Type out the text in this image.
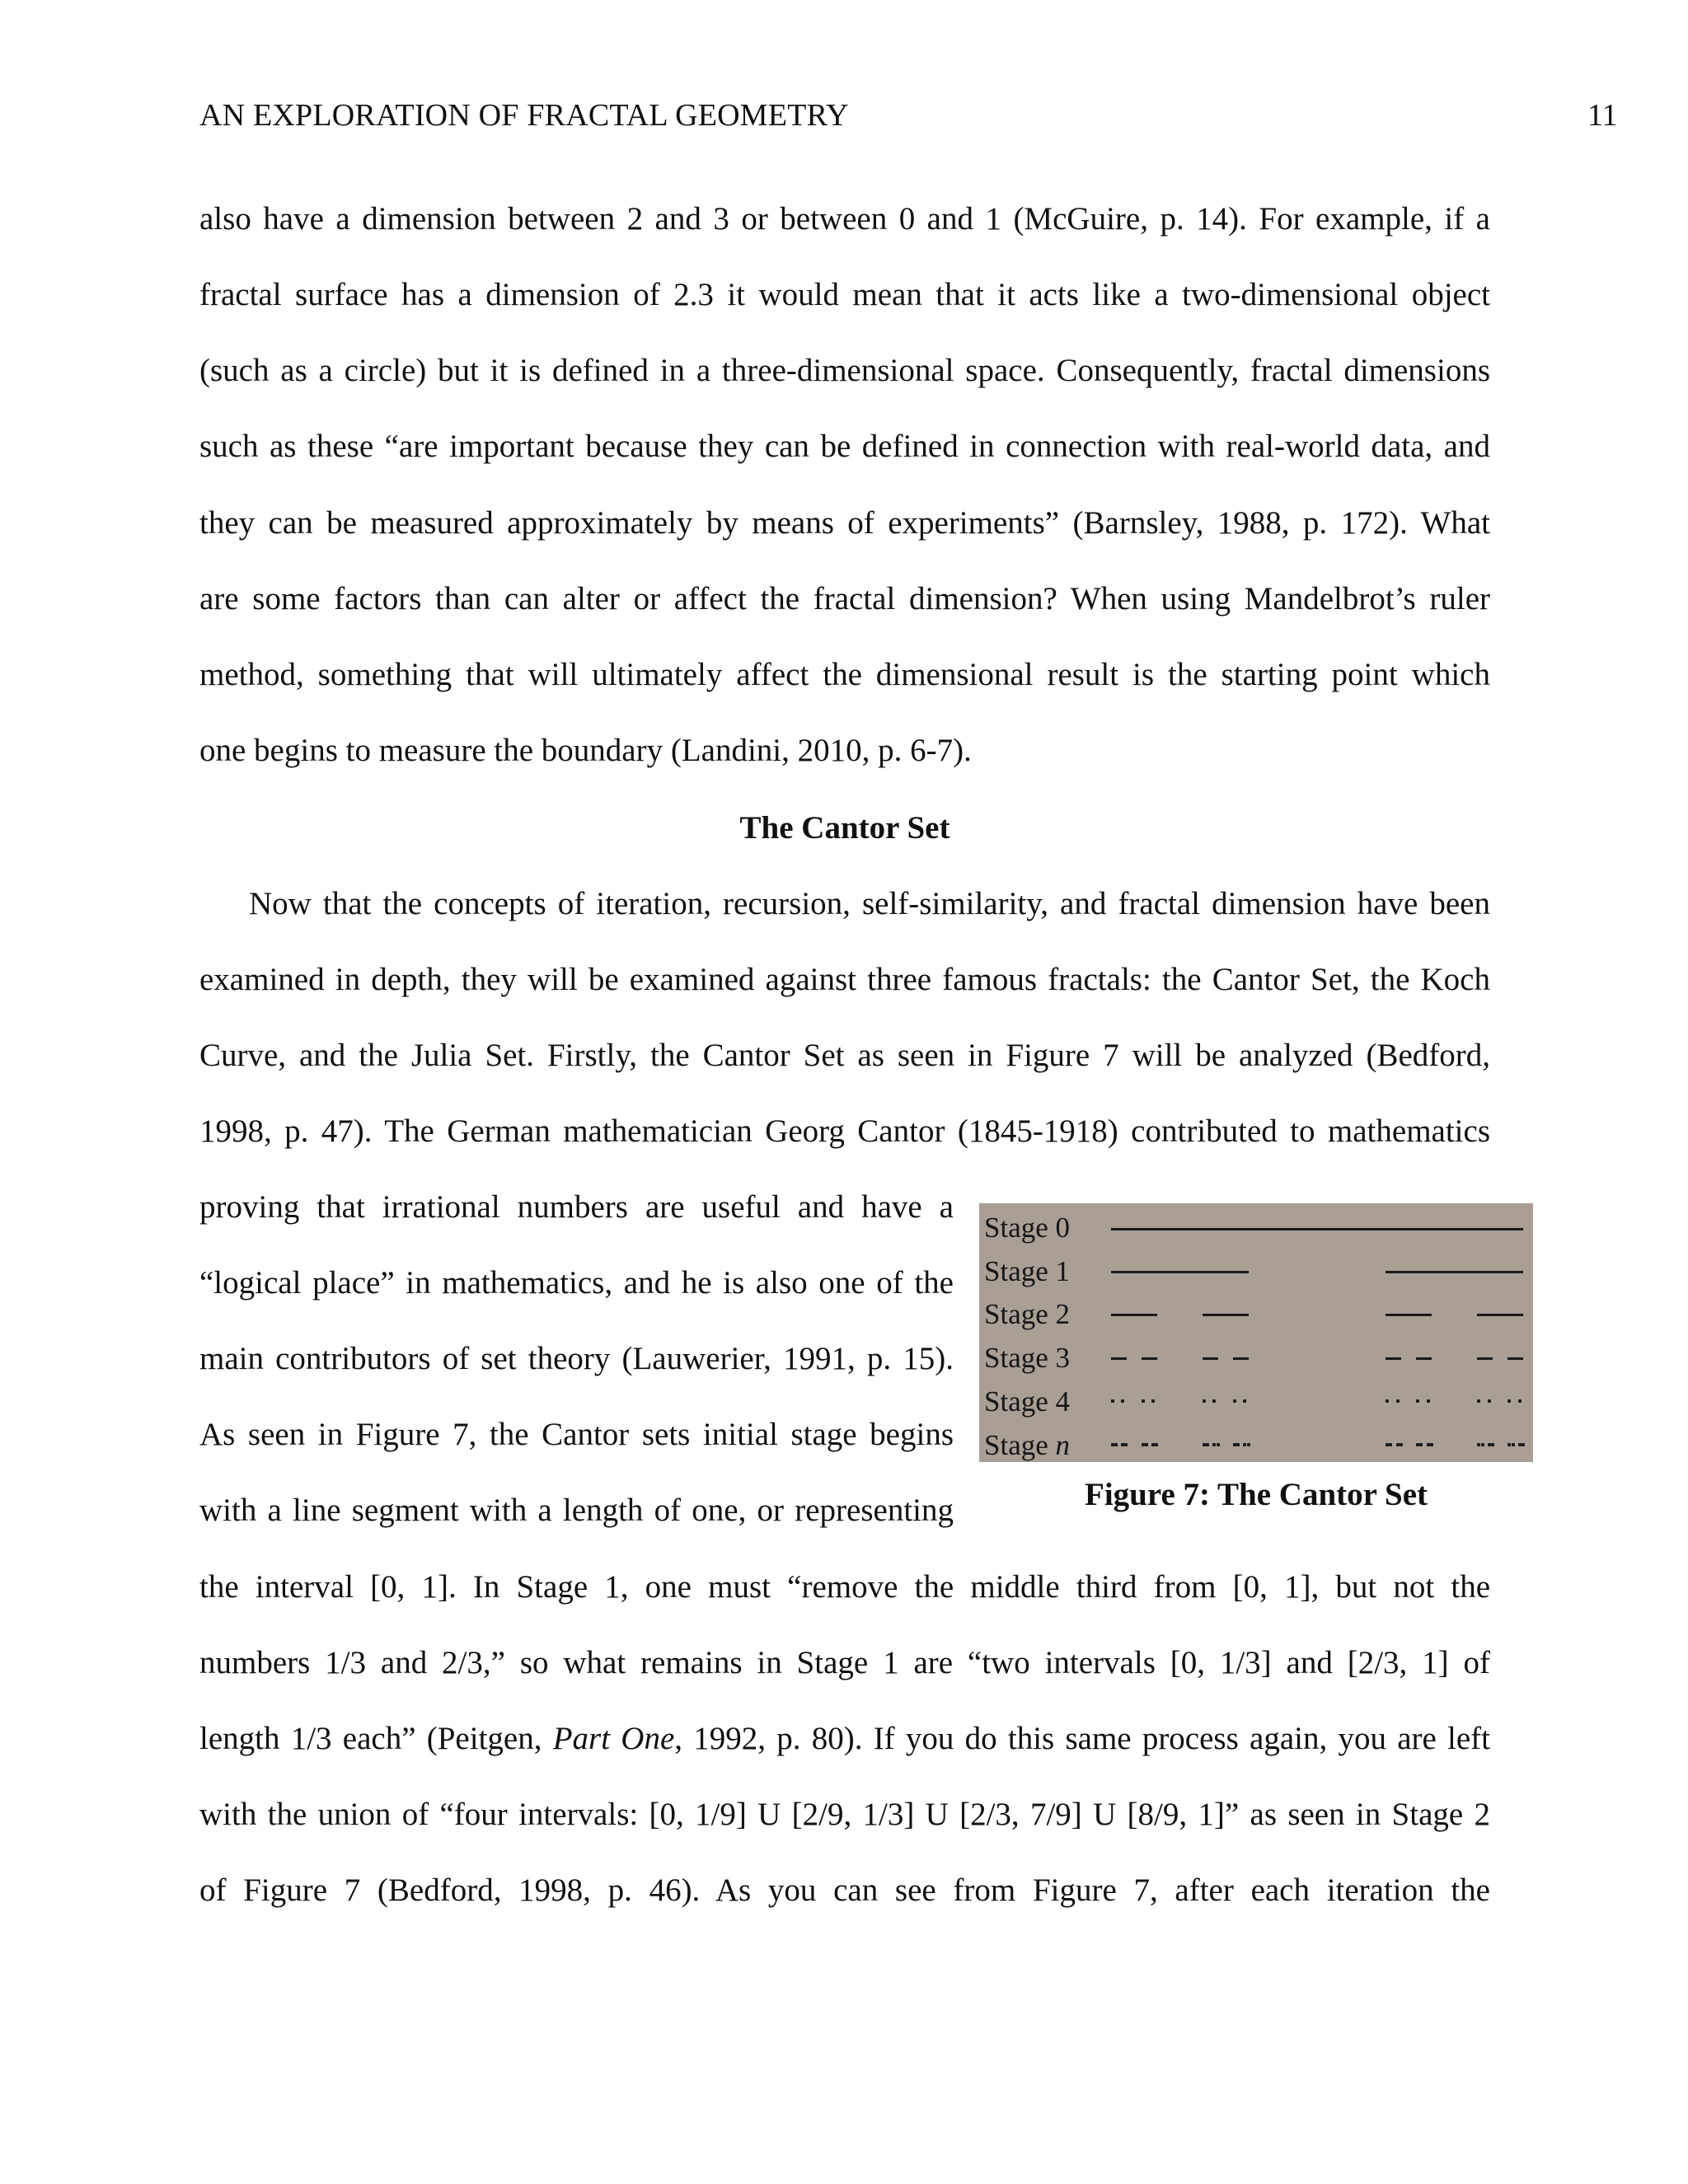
AN EXPLORATION OF FRACTAL GEOMETRY	11
also have a dimension between 2 and 3 or between 0 and 1 (McGuire, p. 14). For example, if a
fractal surface has a dimension of 2.3 it would mean that it acts like a two-dimensional object
(such as a circle) but it is defined in a three-dimensional space. Consequently, fractal dimensions
such as these “are important because they can be defined in connection with real-world data, and
they can be measured approximately by means of experiments” (Barnsley, 1988, p. 172). What
are some factors than can alter or affect the fractal dimension? When using Mandelbrot’s ruler
method, something that will ultimately affect the dimensional result is the starting point which
one begins to measure the boundary (Landini, 2010, p. 6-7).
The Cantor Set
Now that the concepts of iteration, recursion, self-similarity, and fractal dimension have been
examined in depth, they will be examined against three famous fractals: the Cantor Set, the Koch
Curve, and the Julia Set. Firstly, the Cantor Set as seen in Figure 7 will be analyzed (Bedford,
1998, p. 47). The German mathematician Georg Cantor (1845-1918) contributed to mathematics
proving that irrational numbers are useful and have a
“logical place” in mathematics, and he is also one of the
main contributors of set theory (Lauwerier, 1991, p. 15).
As seen in Figure 7, the Cantor sets initial stage begins
with a line segment with a length of one, or representing
the interval [0, 1]. In Stage 1, one must “remove the middle third from [0, 1], but not the
numbers 1/3 and 2/3,” so what remains in Stage 1 are “two intervals [0, 1/3] and [2/3, 1] of
length 1/3 each” (Peitgen, Part One, 1992, p. 80). If you do this same process again, you are left
with the union of “four intervals: [0, 1/9] U [2/9, 1/3] U [2/3, 7/9] U [8/9, 1]” as seen in Stage 2
of Figure 7 (Bedford, 1998, p. 46). As you can see from Figure 7, after each iteration the
Stage 0
Stage 1
Stage 2
Stage 3
Stage 4
Stage n
Figure 7: The Cantor Set
